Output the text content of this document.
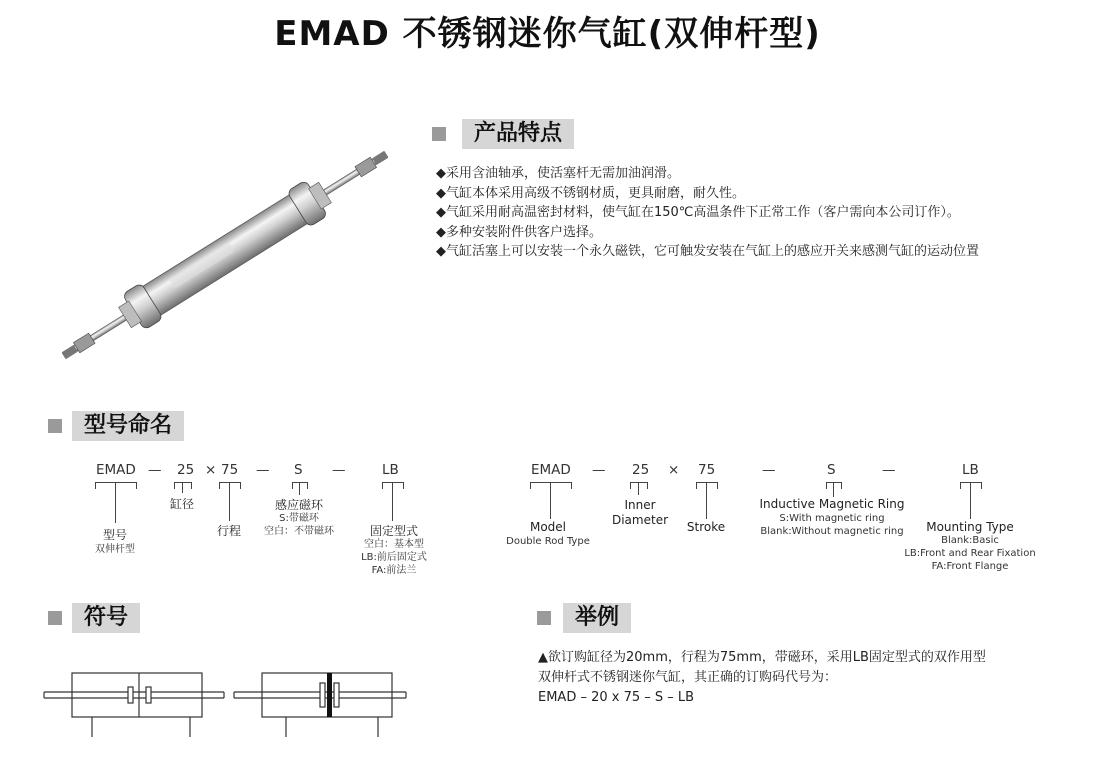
EMAD 不锈钢迷你气缸(双伸杆型)
产品特点
◆采用含油轴承，使活塞杆无需加油润滑。
◆气缸本体采用高级不锈钢材质，更具耐磨，耐久性。
◆气缸采用耐高温密封材料，使气缸在150℃高温条件下正常工作（客户需向本公司订作）。
◆多种安装附件供客户选择。
◆气缸活塞上可以安装一个永久磁铁，它可触发安装在气缸上的感应开关来感测气缸的运动位置
型号命名
EMAD — 25 × 75 — S —	LB
型号
双伸杆型
缸径
行程
感应磁环
S:带磁环
空白：不带磁环	固定型式
空白：基本型
LB:前后固定式
FA:前法兰
EMAD — 25 × 75	—	S	—	LB
Model
Double Rod Type
Inner
Diameter	Stroke
Inductive Magnetic Ring
S:With magnetic ring
Blank:Without magnetic ring	Mounting Type
Blank:Basic
LB:Front and Rear Fixation
FA:Front Flange
符号	举例
▲欲订购缸径为20mm，行程为75mm，带磁环，采用LB固定型式的双作用型
双伸杆式不锈钢迷你气缸，其正确的订购码代号为：
EMAD – 20 x 75 – S – LB
